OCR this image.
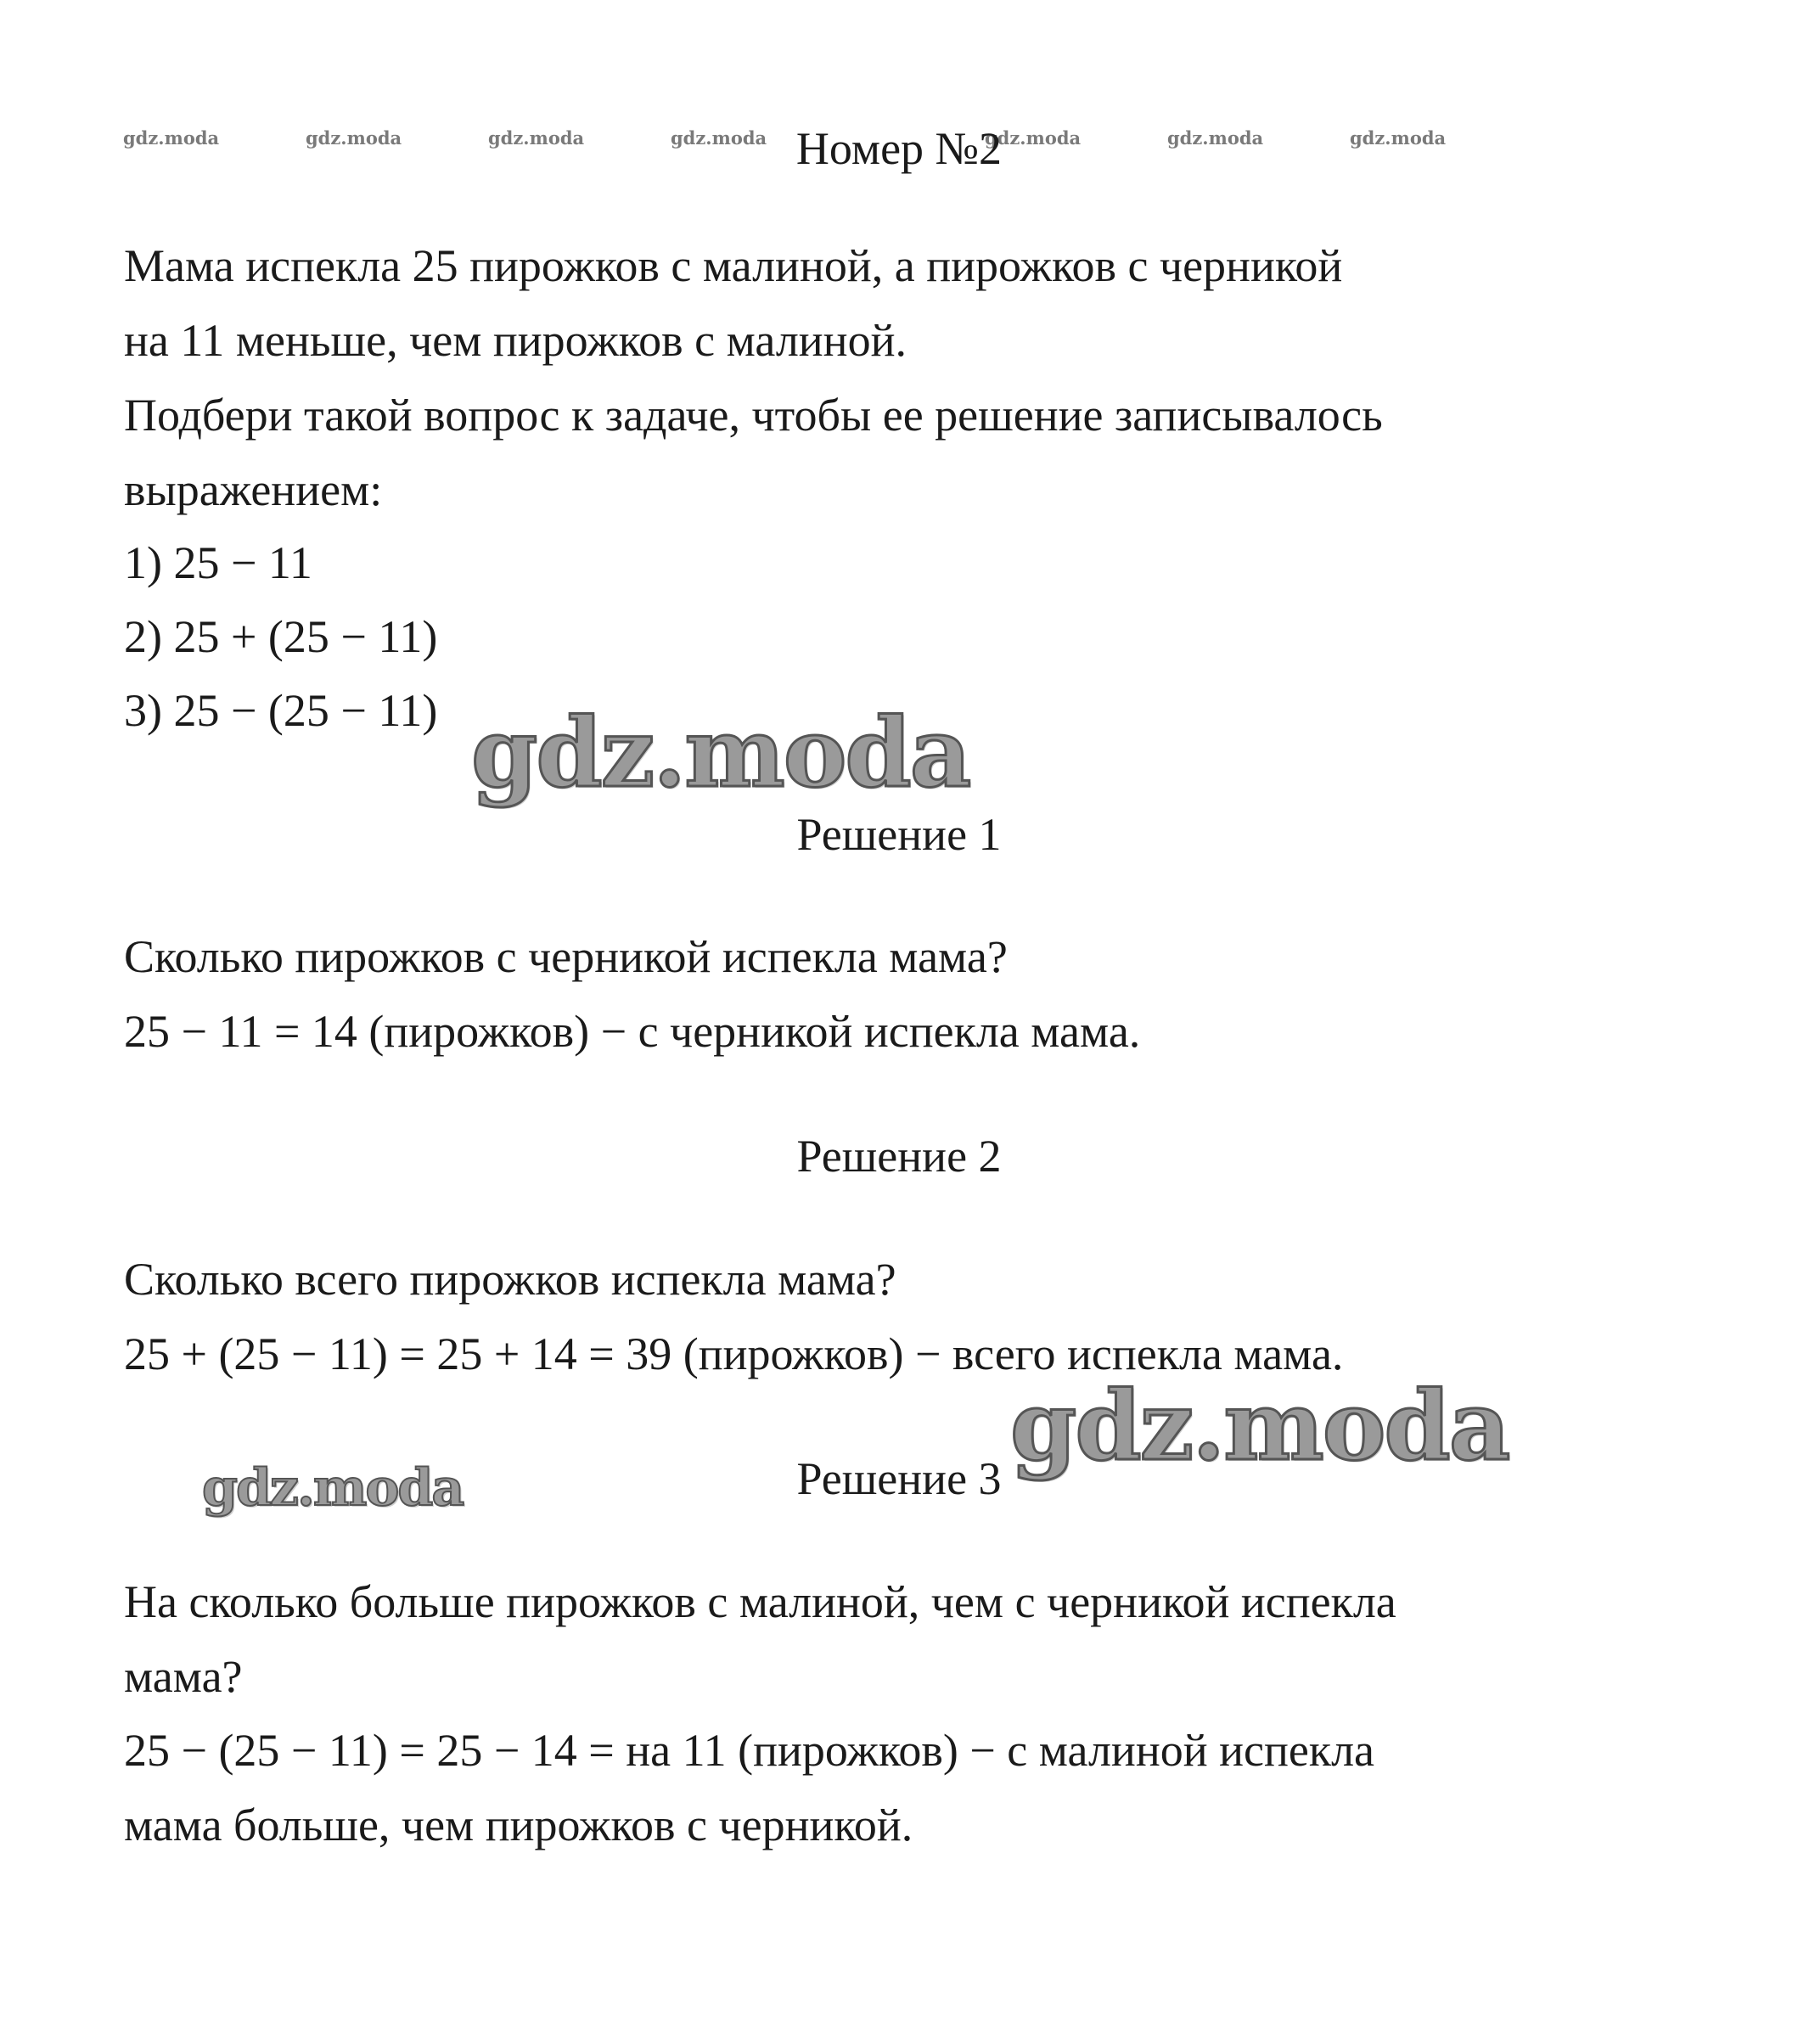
gdz.moda	gdz.moda	gdz.moda	gdz.moda	gdz.moda	gdz.moda	gdz.moda
Номер №2
Мама испекла 25 пирожков с малиной, а пирожков с черникой
на 11 меньше, чем пирожков с малиной.
Подбери такой вопрос к задаче, чтобы ее решение записывалось
выражением:
1) 25 − 11
2) 25 + (25 − 11)
3) 25 − (25 − 11) gdz.moda
Решение 1
Сколько пирожков с черникой испекла мама?
25 − 11 = 14 (пирожков) − с черникой испекла мама.
Решение 2
Сколько всего пирожков испекла мама?
25 + (25 − 11) = 25 + 14 = 39 (пирожков) − всего испекла мама.
gdz.moda
gdz.moda	Решение 3
На сколько больше пирожков с малиной, чем с черникой испекла
мама?
25 − (25 − 11) = 25 − 14 = на 11 (пирожков) − с малиной испекла
мама больше, чем пирожков с черникой.
